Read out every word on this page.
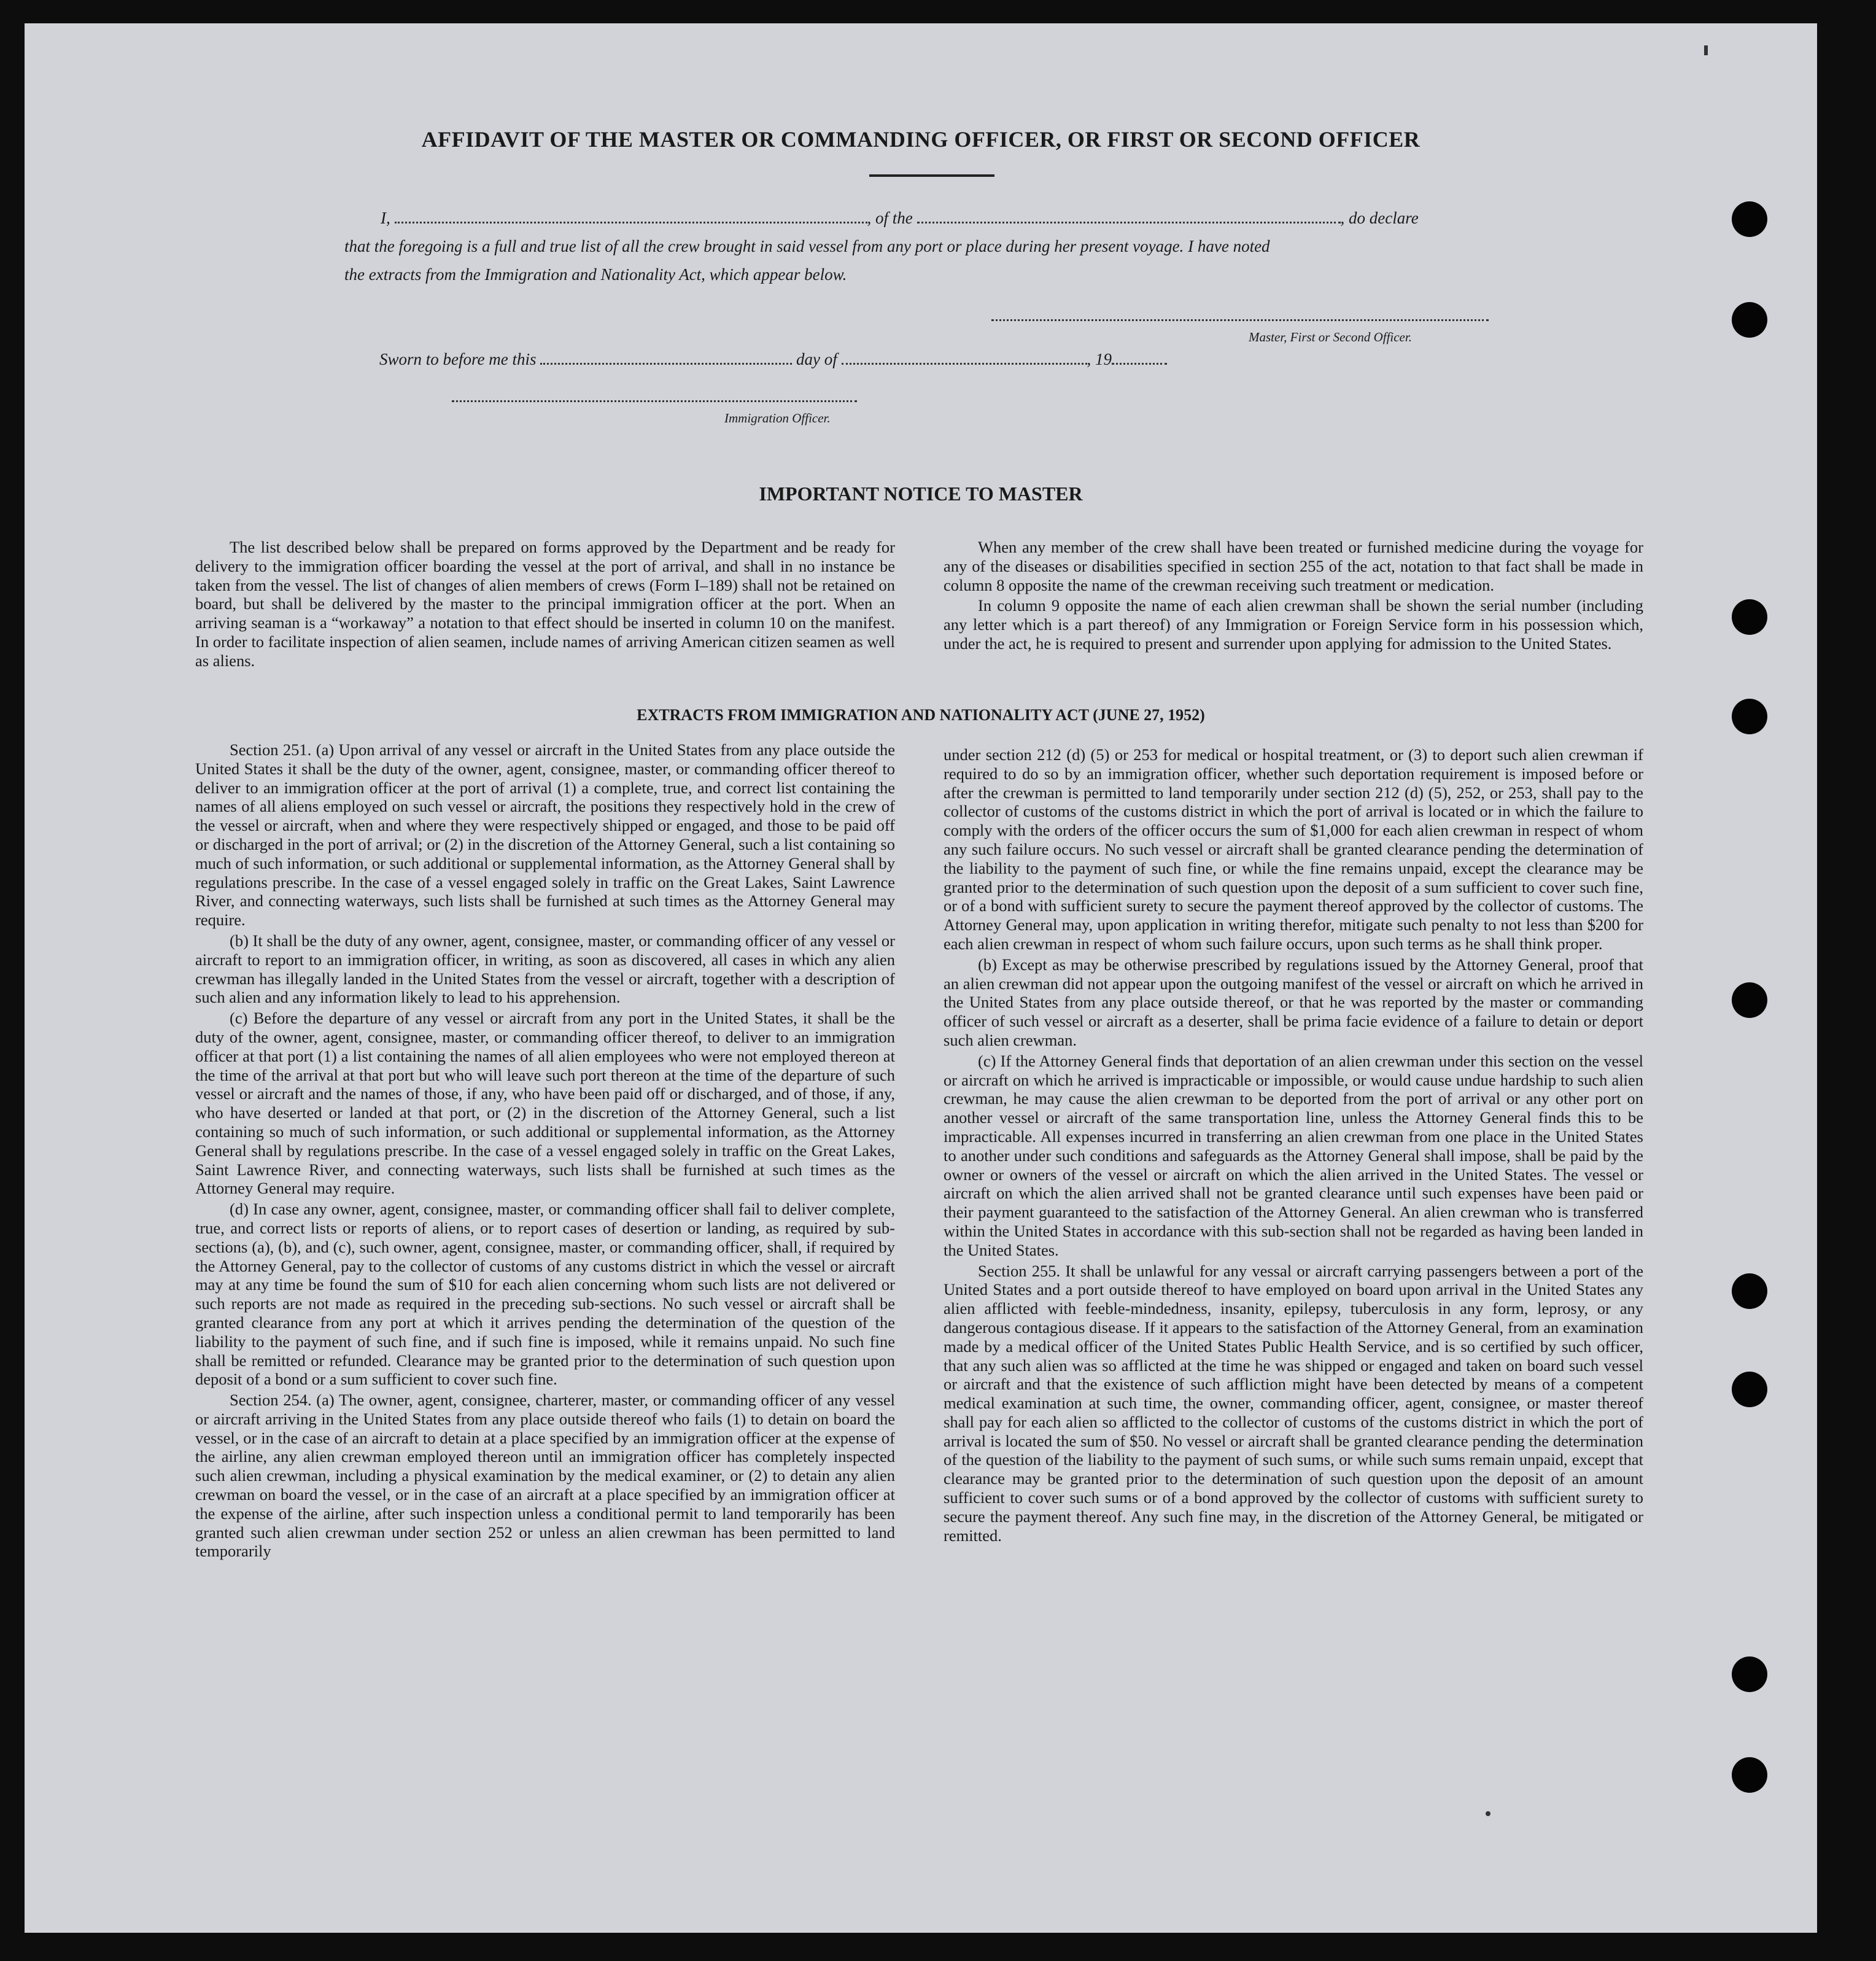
AFFIDAVIT OF THE MASTER OR COMMANDING OFFICER, OR FIRST OR SECOND OFFICER
I,	, of the	, do declare
that the foregoing is a full and true list of all the crew brought in said vessel from any port or place during her present voyage. I have noted
the extracts from the Immigration and Nationality Act, which appear below.
Master, First or Second Officer.
Sworn to before me this	day of	, 19
Immigration Officer.
IMPORTANT NOTICE TO MASTER

The list described below shall be prepared on forms approved by the Department and be ready for delivery to the immigration officer boarding the vessel at the port of arrival, and shall in no instance be taken from the vessel. The list of changes of alien members of crews (Form I–189) shall not be retained on board, but shall be delivered by the master to the principal immigration officer at the port. When an arriving seaman is a “workaway” a notation to that effect should be inserted in column 10 on the manifest. In order to facilitate inspection of alien seamen, include names of arriving American citizen seamen as well as aliens.

When any member of the crew shall have been treated or furnished medicine during the voyage for any of the diseases or disabilities specified in section 255 of the act, notation to that fact shall be made in column 8 opposite the name of the crewman receiving such treatment or medication.

In column 9 opposite the name of each alien crewman shall be shown the serial number (including any letter which is a part thereof) of any Immigration or Foreign Service form in his possession which, under the act, he is required to present and surrender upon applying for admission to the United States.

EXTRACTS FROM IMMIGRATION AND NATIONALITY ACT (JUNE 27, 1952)

Section 251. (a) Upon arrival of any vessel or aircraft in the United States from any place outside the United States it shall be the duty of the owner, agent, consignee, master, or commanding officer thereof to deliver to an immigration officer at the port of arrival (1) a complete, true, and correct list containing the names of all aliens employed on such vessel or aircraft, the positions they respectively hold in the crew of the vessel or aircraft, when and where they were respectively shipped or engaged, and those to be paid off or discharged in the port of arrival; or (2) in the discretion of the Attorney General, such a list containing so much of such information, or such additional or supplemental information, as the Attorney General shall by regulations prescribe. In the case of a vessel engaged solely in traffic on the Great Lakes, Saint Lawrence River, and connecting waterways, such lists shall be furnished at such times as the Attorney General may require.

(b) It shall be the duty of any owner, agent, consignee, master, or commanding officer of any vessel or aircraft to report to an immigration officer, in writing, as soon as discovered, all cases in which any alien crewman has illegally landed in the United States from the vessel or aircraft, together with a description of such alien and any information likely to lead to his apprehension.

(c) Before the departure of any vessel or aircraft from any port in the United States, it shall be the duty of the owner, agent, consignee, master, or commanding officer thereof, to deliver to an immigration officer at that port (1) a list containing the names of all alien employees who were not employed thereon at the time of the arrival at that port but who will leave such port thereon at the time of the departure of such vessel or aircraft and the names of those, if any, who have been paid off or discharged, and of those, if any, who have deserted or landed at that port, or (2) in the discretion of the Attorney General, such a list containing so much of such information, or such additional or supplemental information, as the Attorney General shall by regulations prescribe. In the case of a vessel engaged solely in traffic on the Great Lakes, Saint Lawrence River, and connecting waterways, such lists shall be furnished at such times as the Attorney General may require.

(d) In case any owner, agent, consignee, master, or commanding officer shall fail to deliver complete, true, and correct lists or reports of aliens, or to report cases of desertion or landing, as required by sub-sections (a), (b), and (c), such owner, agent, consignee, master, or commanding officer, shall, if required by the Attorney General, pay to the collector of customs of any customs district in which the vessel or aircraft may at any time be found the sum of $10 for each alien concerning whom such lists are not delivered or such reports are not made as required in the preceding sub-sections. No such vessel or aircraft shall be granted clearance from any port at which it arrives pending the determination of the question of the liability to the payment of such fine, and if such fine is imposed, while it remains unpaid. No such fine shall be remitted or refunded. Clearance may be granted prior to the determination of such question upon deposit of a bond or a sum sufficient to cover such fine.

Section 254. (a) The owner, agent, consignee, charterer, master, or commanding officer of any vessel or aircraft arriving in the United States from any place outside thereof who fails (1) to detain on board the vessel, or in the case of an aircraft to detain at a place specified by an immigration officer at the expense of the airline, any alien crewman employed thereon until an immigration officer has completely inspected such alien crewman, including a physical examination by the medical examiner, or (2) to detain any alien crewman on board the vessel, or in the case of an aircraft at a place specified by an immigration officer at the expense of the airline, after such inspection unless a conditional permit to land temporarily has been granted such alien crewman under section 252 or unless an alien crewman has been permitted to land temporarily

under section 212 (d) (5) or 253 for medical or hospital treatment, or (3) to deport such alien crewman if required to do so by an immigration officer, whether such deportation requirement is imposed before or after the crewman is permitted to land temporarily under section 212 (d) (5), 252, or 253, shall pay to the collector of customs of the customs district in which the port of arrival is located or in which the failure to comply with the orders of the officer occurs the sum of $1,000 for each alien crewman in respect of whom any such failure occurs. No such vessel or aircraft shall be granted clearance pending the determination of the liability to the payment of such fine, or while the fine remains unpaid, except the clearance may be granted prior to the determination of such question upon the deposit of a sum sufficient to cover such fine, or of a bond with sufficient surety to secure the payment thereof approved by the collector of customs. The Attorney General may, upon application in writing therefor, mitigate such penalty to not less than $200 for each alien crewman in respect of whom such failure occurs, upon such terms as he shall think proper.

(b) Except as may be otherwise prescribed by regulations issued by the Attorney General, proof that an alien crewman did not appear upon the outgoing manifest of the vessel or aircraft on which he arrived in the United States from any place outside thereof, or that he was reported by the master or commanding officer of such vessel or aircraft as a deserter, shall be prima facie evidence of a failure to detain or deport such alien crewman.

(c) If the Attorney General finds that deportation of an alien crewman under this section on the vessel or aircraft on which he arrived is impracticable or impossible, or would cause undue hardship to such alien crewman, he may cause the alien crewman to be deported from the port of arrival or any other port on another vessel or aircraft of the same transportation line, unless the Attorney General finds this to be impracticable. All expenses incurred in transferring an alien crewman from one place in the United States to another under such conditions and safeguards as the Attorney General shall impose, shall be paid by the owner or owners of the vessel or aircraft on which the alien arrived in the United States. The vessel or aircraft on which the alien arrived shall not be granted clearance until such expenses have been paid or their payment guaranteed to the satisfaction of the Attorney General. An alien crewman who is transferred within the United States in accordance with this sub-section shall not be regarded as having been landed in the United States.

Section 255. It shall be unlawful for any vessal or aircraft carrying passengers between a port of the United States and a port outside thereof to have employed on board upon arrival in the United States any alien afflicted with feeble-mindedness, insanity, epilepsy, tuberculosis in any form, leprosy, or any dangerous contagious disease. If it appears to the satisfaction of the Attorney General, from an examination made by a medical officer of the United States Public Health Service, and is so certified by such officer, that any such alien was so afflicted at the time he was shipped or engaged and taken on board such vessel or aircraft and that the existence of such affliction might have been detected by means of a competent medical examination at such time, the owner, commanding officer, agent, consignee, or master thereof shall pay for each alien so afflicted to the collector of customs of the customs district in which the port of arrival is located the sum of $50. No vessel or aircraft shall be granted clearance pending the determination of the question of the liability to the payment of such sums, or while such sums remain unpaid, except that clearance may be granted prior to the determination of such question upon the deposit of an amount sufficient to cover such sums or of a bond approved by the collector of customs with sufficient surety to secure the payment thereof. Any such fine may, in the discretion of the Attorney General, be mitigated or remitted.
